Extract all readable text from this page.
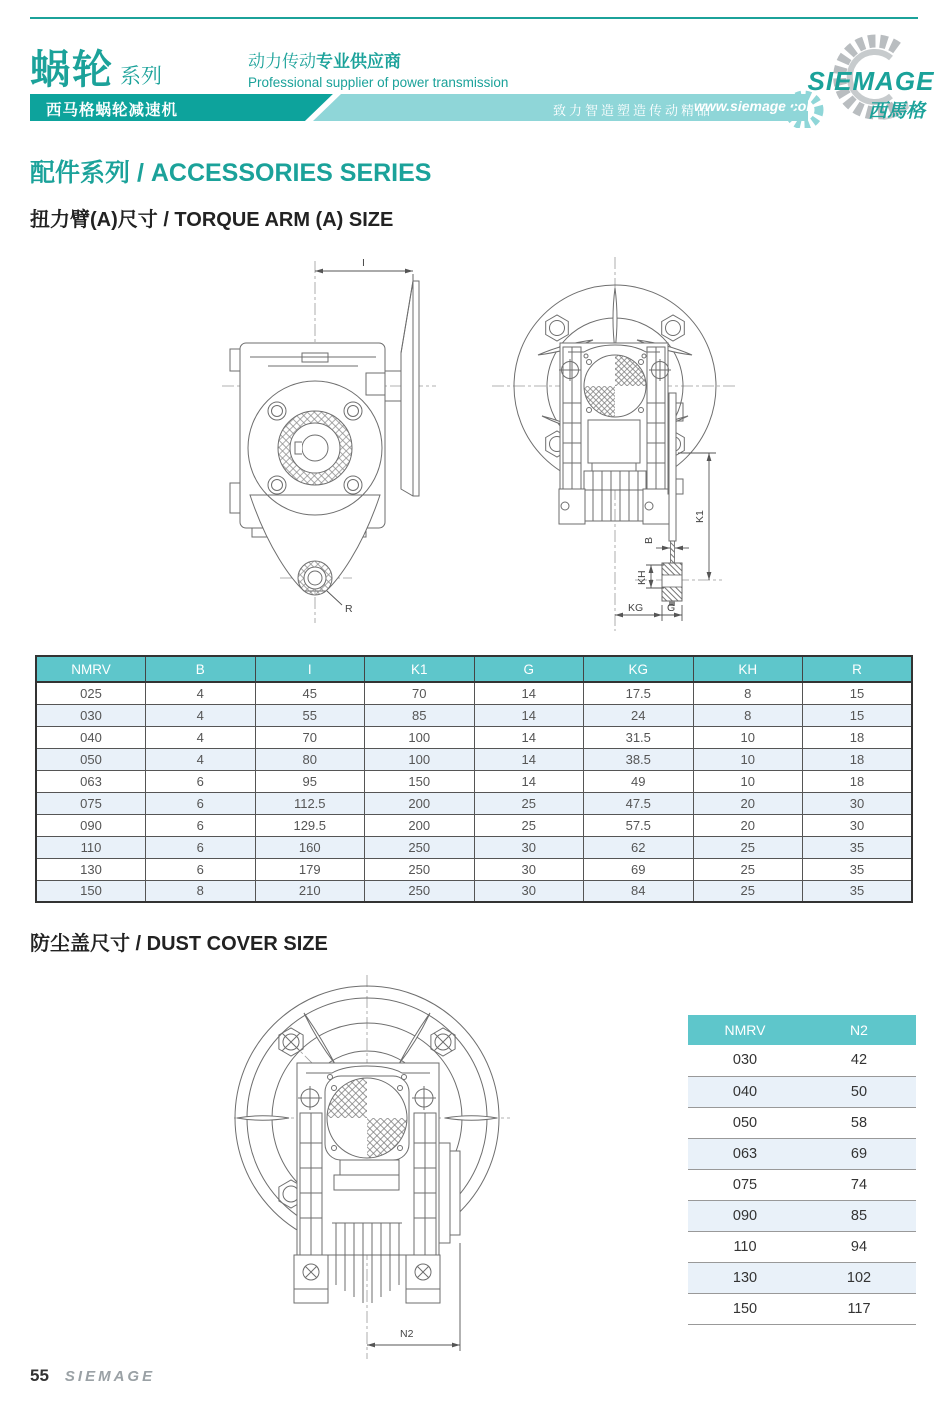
蜗轮 系列
动力传动专业供应商
Professional supplier of power transmission
西马格蜗轮减速机	致力智造塑造传动精品
www.siemage.com
SIEMAGE
西馬格
配件系列 / ACCESSORIES SERIES
扭力臂(A)尺寸 / TORQUE ARM (A) SIZE
I
R
K1
B
KH
KG G
NMRV	B	I	K1	G	KG	KH	R
025	4	45	70	14	17.5	8	15
030	4	55	85	14	24	8	15
040	4	70	100	14	31.5	10	18
050	4	80	100	14	38.5	10	18
063	6	95	150	14	49	10	18
075	6	112.5	200	25	47.5	20	30
090	6	129.5	200	25	57.5	20	30
110	6	160	250	30	62	25	35
130	6	179	250	30	69	25	35
150	8	210	250	30	84	25	35
防尘盖尺寸 / DUST COVER SIZE
N2
NMRV	N2
030	42
040	50
050	58
063	69
075	74
090	85
110	94
130	102
150	117
55 SIEMAGE
